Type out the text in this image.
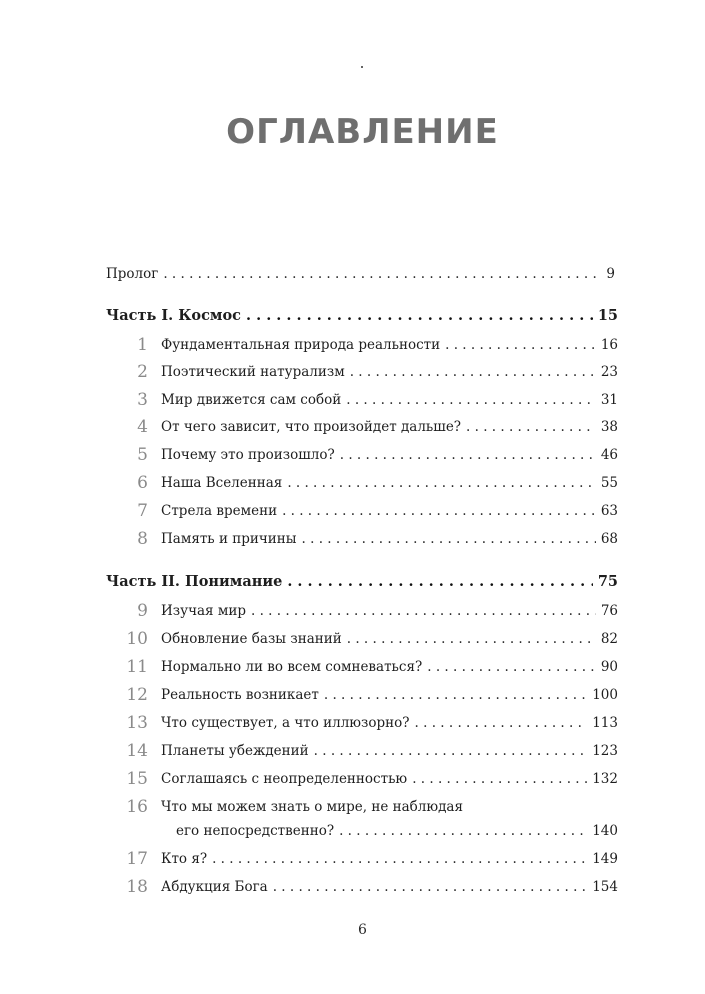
ОГЛАВЛЕНИЕ
Пролог . . .	9
Часть I. Космос . . .	15
1 Фундаментальная природа реальности . . .	16
2 Поэтический натурализм . . .	23
3 Мир движется сам собой . . .	31
4 От чего зависит, что произойдет дальше? . . .	38
5 Почему это произошло? . . .	46
6 Наша Вселенная . . .	55
7 Стрела времени . . .	63
8 Память и причины . . .	68
Часть II. Понимание . . .	75
9 Изучая мир . . .	76
10 Обновление базы знаний . . .	82
11 Нормально ли во всем сомневаться? . . .	90
12 Реальность возникает . . .	100
13 Что существует, а что иллюзорно? . . .	113
14 Планеты убеждений . . .	123
15 Соглашаясь с неопределенностью . . .	132
16 Что мы можем знать о мире, не наблюдая
его непосредственно? . . .	140
17 Кто я? . . .	149
18 Абдукция Бога . . .	154
6
